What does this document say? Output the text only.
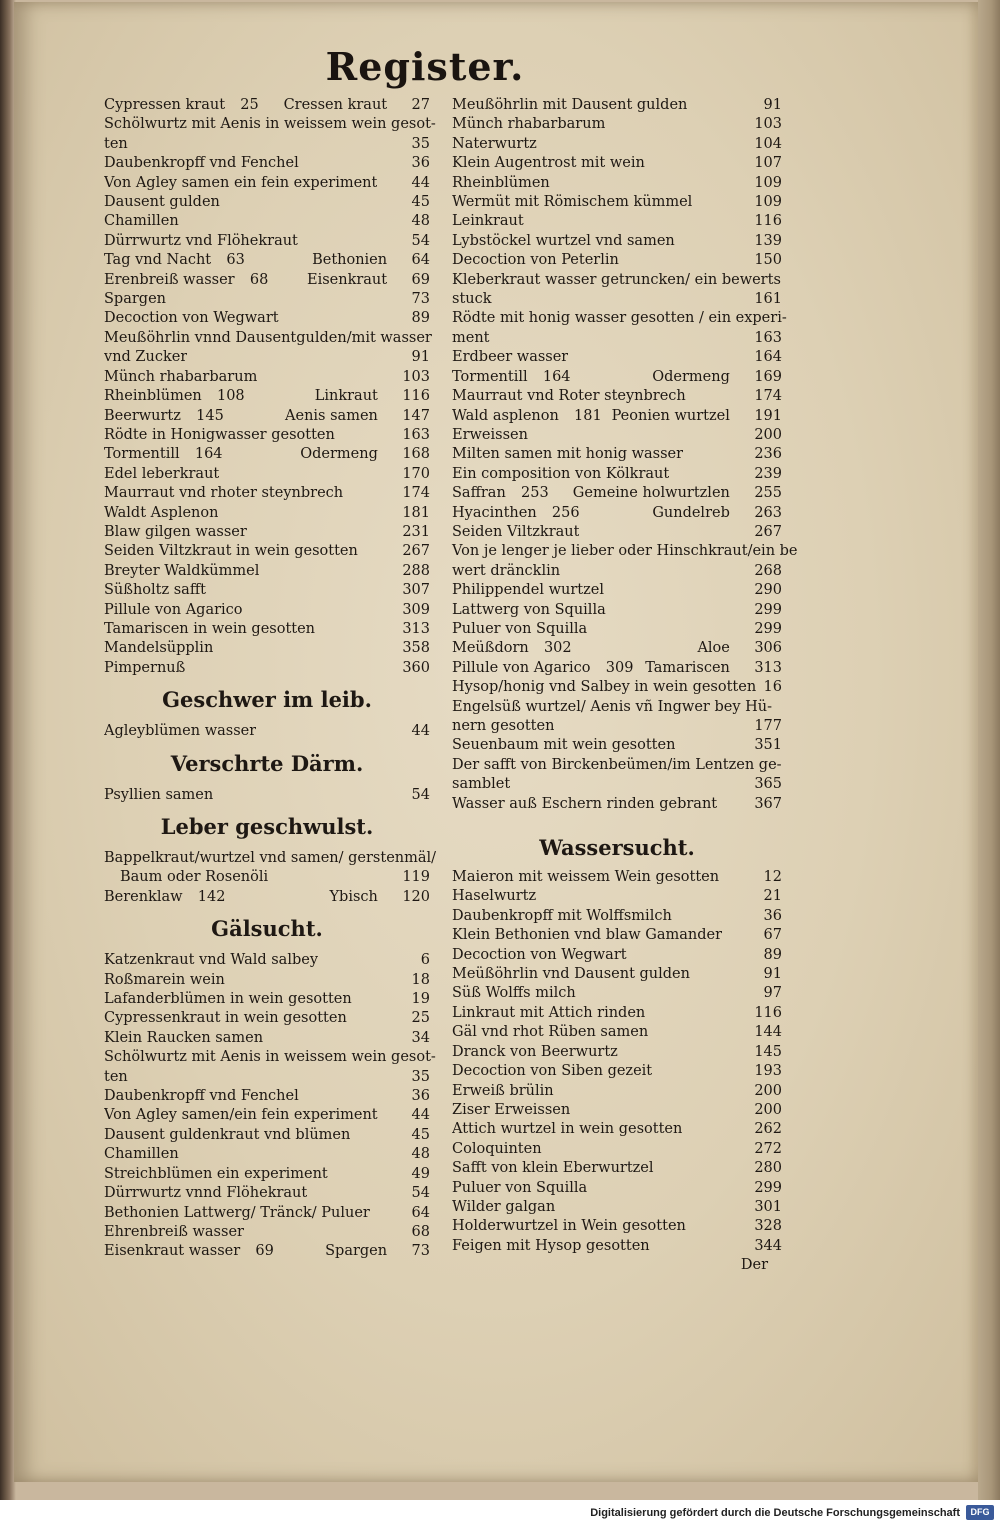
Register.
Cypressen kraut 25 Cressen kraut 27
Schölwurtz mit Aenis in weissem wein gesot-
ten	35
Daubenkropff vnd Fenchel	36
Von Agley samen ein fein experiment	44
Dausent gulden	45
Chamillen	48
Dürrwurtz vnd Flöhekraut	54
Tag vnd Nacht 63	Bethonien 64
Erenbreiß wasser 68	Eisenkraut 69
Spargen	73
Decoction von Wegwart	89
Meußöhrlin vnnd Dausentgulden/mit wasser
vnd Zucker	91
Münch rhabarbarum	103
Rheinblümen 108	Linkraut 116
Beerwurtz 145	Aenis samen 147
Rödte in Honigwasser gesotten	163
Tormentill 164	Odermeng 168
Edel leberkraut	170
Maurraut vnd rhoter steynbrech	174
Waldt Asplenon	181
Blaw gilgen wasser	231
Seiden Viltzkraut in wein gesotten	267
Breyter Waldkümmel	288
Süßholtz safft	307
Pillule von Agarico	309
Tamariscen in wein gesotten	313
Mandelsüpplin	358
Pimpernuß	360
Geschwer im leib.
Agleyblümen wasser	44
Verschrte Därm.
Psyllien samen	54
Leber geschwulst.
Bappelkraut/wurtzel vnd samen/ gerstenmäl/
Baum oder Rosenöli	119
Berenklaw 142	Ybisch 120
Gälsucht.
Katzenkraut vnd Wald salbey	6
Roßmarein wein	18
Lafanderblümen in wein gesotten	19
Cypressenkraut in wein gesotten	25
Klein Raucken samen	34
Schölwurtz mit Aenis in weissem wein gesot-
ten	35
Daubenkropff vnd Fenchel	36
Von Agley samen/ein fein experiment	44
Dausent guldenkraut vnd blümen	45
Chamillen	48
Streichblümen ein experiment	49
Dürrwurtz vnnd Flöhekraut	54
Bethonien Lattwerg/ Tränck/ Puluer	64
Ehrenbreiß wasser	68
Eisenkraut wasser 69	Spargen 73
Meußöhrlin mit Dausent gulden	91
Münch rhabarbarum	103
Naterwurtz	104
Klein Augentrost mit wein	107
Rheinblümen	109
Wermüt mit Römischem kümmel	109
Leinkraut	116
Lybstöckel wurtzel vnd samen	139
Decoction von Peterlin	150
Kleberkraut wasser getruncken/ ein bewerts
stuck	161
Rödte mit honig wasser gesotten / ein experi-
ment	163
Erdbeer wasser	164
Tormentill 164	Odermeng 169
Maurraut vnd Roter steynbrech	174
Wald asplenon 181 Peonien wurtzel 191
Erweissen	200
Milten samen mit honig wasser	236
Ein composition von Kölkraut	239
Saffran 253 Gemeine holwurtzlen 255
Hyacinthen 256	Gundelreb 263
Seiden Viltzkraut	267
Von je lenger je lieber oder Hinschkraut/ein be
wert dräncklin	268
Philippendel wurtzel	290
Lattwerg von Squilla	299
Puluer von Squilla	299
Meüßdorn 302	Aloe 306
Pillule von Agarico 309 Tamariscen 313
Hysop/honig vnd Salbey in wein gesotten 16
Engelsüß wurtzel/ Aenis vñ Ingwer bey Hü-
nern gesotten	177
Seuenbaum mit wein gesotten	351
Der safft von Birckenbeümen/im Lentzen ge-
samblet	365
Wasser auß Eschern rinden gebrant	367
Wassersucht.
Maieron mit weissem Wein gesotten	12
Haselwurtz	21
Daubenkropff mit Wolffsmilch	36
Klein Bethonien vnd blaw Gamander	67
Decoction von Wegwart	89
Meüßöhrlin vnd Dausent gulden	91
Süß Wolffs milch	97
Linkraut mit Attich rinden	116
Gäl vnd rhot Rüben samen	144
Dranck von Beerwurtz	145
Decoction von Siben gezeit	193
Erweiß brülin	200
Ziser Erweissen	200
Attich wurtzel in wein gesotten	262
Coloquinten	272
Safft von klein Eberwurtzel	280
Puluer von Squilla	299
Wilder galgan	301
Holderwurtzel in Wein gesotten	328
Feigen mit Hysop gesotten	344
Der
Digitalisierung gefördert durch die Deutsche Forschungsgemeinschaft	DFG
